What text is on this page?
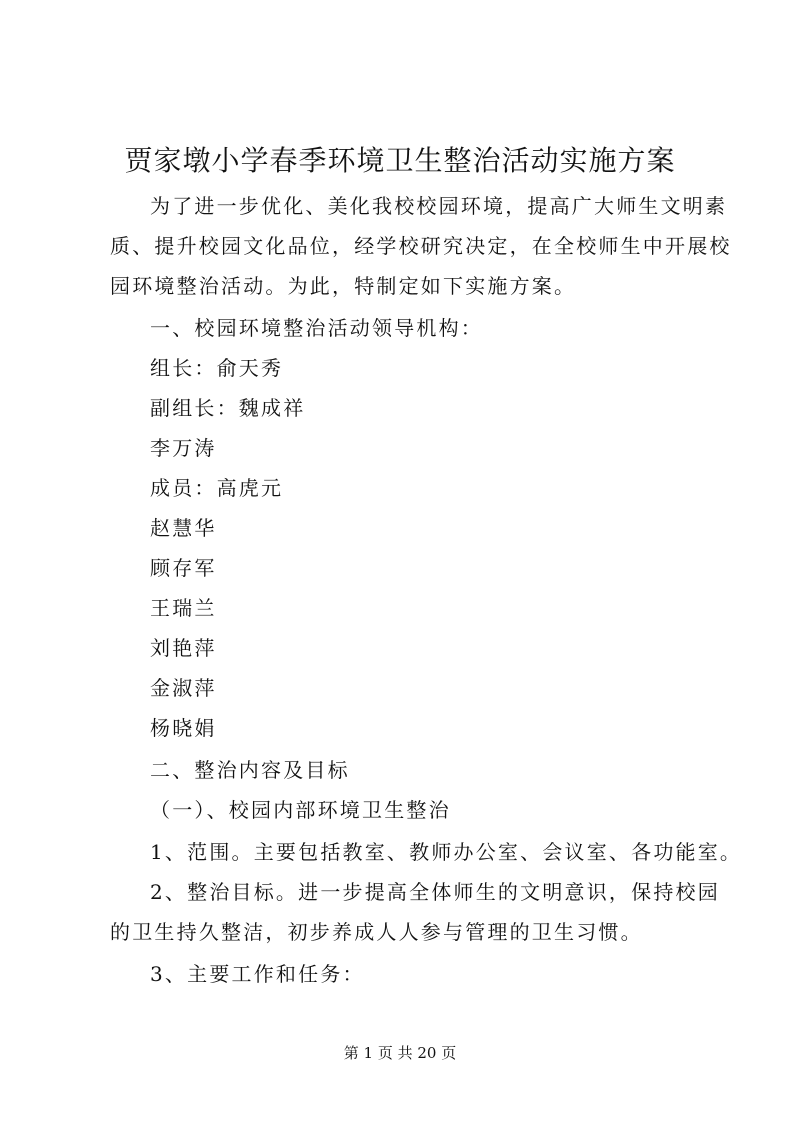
贾家墩小学春季环境卫生整治活动实施方案
为了进一步优化、美化我校校园环境，提高广大师生文明素
质、提升校园文化品位，经学校研究决定，在全校师生中开展校
园环境整治活动。为此，特制定如下实施方案。
一、校园环境整治活动领导机构：
组长：俞天秀
副组长：魏成祥
李万涛
成员：高虎元
赵慧华
顾存军
王瑞兰
刘艳萍
金淑萍
杨晓娟
二、整治内容及目标
（一）、校园内部环境卫生整治
1、范围。主要包括教室、教师办公室、会议室、各功能室。
2、整治目标。进一步提高全体师生的文明意识，保持校园
的卫生持久整洁，初步养成人人参与管理的卫生习惯。
3、主要工作和任务：
第 1 页 共 20 页
